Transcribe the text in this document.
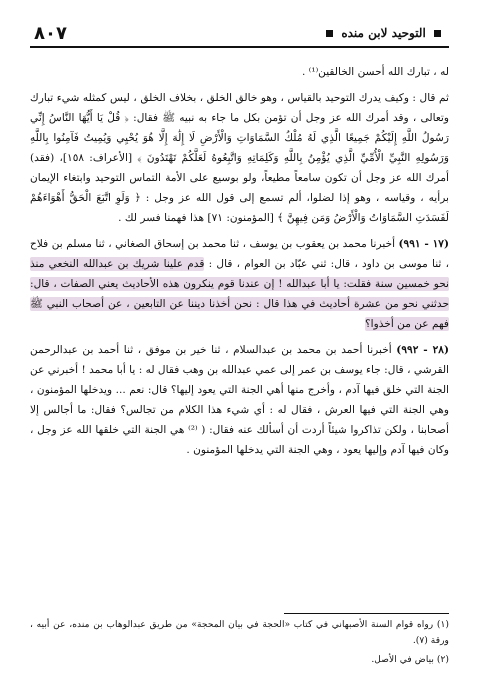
٨٠٧	التوحيد لابن منده

له ، تبارك الله أحسن الخالقين⁽¹⁾ .

ثم قال : وكيف يدرك التوحيد بالقياس ، وهو خالق الخلق ، بخلاف الخلق ، ليس كمثله شيء تبارك وتعالى ، وقد أمرك الله عز وجل أن تؤمن بكل ما جاء به نبيه ﷺ فقال: ﴿ قُلْ يَا أَيُّهَا النَّاسُ إِنِّي رَسُولُ اللَّهِ إِلَيْكُمْ جَمِيعًا الَّذِي لَهُ مُلْكُ السَّمَاوَاتِ وَالْأَرْضِ لَا إِلَٰهَ إِلَّا هُوَ يُحْيِي وَيُمِيتُ فَآمِنُوا بِاللَّهِ وَرَسُولِهِ النَّبِيِّ الْأُمِّيِّ الَّذِي يُؤْمِنُ بِاللَّهِ وَكَلِمَاتِهِ وَاتَّبِعُوهُ لَعَلَّكُمْ تَهْتَدُونَ ﴾ [الأعراف: ١٥٨]، (فقد) أمرك الله عز وجل أن تكون سامعاً مطيعاً، ولو بوسيع على الأمة التماس التوحيد وابتغاء الإيمان برأيه ، وقياسه ، وهو إذا لضلوا، ألم تسمع إلى قول الله عز وجل : ﴿ وَلَوِ اتَّبَعَ الْحَقُّ أَهْوَاءَهُمْ لَفَسَدَتِ السَّمَاوَاتُ وَالْأَرْضُ وَمَن فِيهِنَّ ﴾ [المؤمنون: ٧١] هذا فهمنا فسر لك .

(١٧ - ٩٩١) أخبرنا محمد بن يعقوب بن يوسف ، ثنا محمد بن إسحاق الصغاني ، ثنا مسلم بن فلاح ، ثنا موسى بن داود ، قال: ثني عبّاد بن العوام ، قال : قدم علينا شريك بن عبدالله النخعي منذ نحو خمسين سنة فقلت: يا أبا عبدالله ! إن عندنا قوم ينكرون هذه الأحاديث يعني الصفات ، قال: حدثني نحو من عشرة أحاديث في هذا قال : نحن أخذنا ديننا عن التابعين ، عن أصحاب النبي ﷺ فهم عن من أخذوا؟

(٢٨ - ٩٩٢) أخبرنا أحمد بن محمد بن عبدالسلام ، ثنا خير بن موفق ، ثنا أحمد بن عبدالرحمن القرشي ، قال: جاء يوسف بن عمر إلى عمي عبدالله بن وهب فقال له : يا أبا محمد ! أخبرني عن الجنة التي خلق فيها آدم ، وأخرج منها أهي الجنة التي يعود إليها؟ قال: نعم ... ويدخلها المؤمنون ، وهي الجنة التي فيها العرش ، فقال له : أي شيء هذا الكلام من تجالس؟ فقال: ما أجالس إلا أصحابنا ، ولكن تذاكروا شيئاً أردت أن أسألك عنه فقال: ( ⁽²⁾ هي الجنة التي خلقها الله عز وجل ، وكان فيها آدم وإليها يعود ، وهي الجنة التي يدخلها المؤمنون .

(١) رواه قوام السنة الأصبهاني في كتاب «الحجة في بيان المحجة» من طريق عبدالوهاب بن منده، عن أبيه ، ورقة (٧).

(٢) بياض في الأصل.
